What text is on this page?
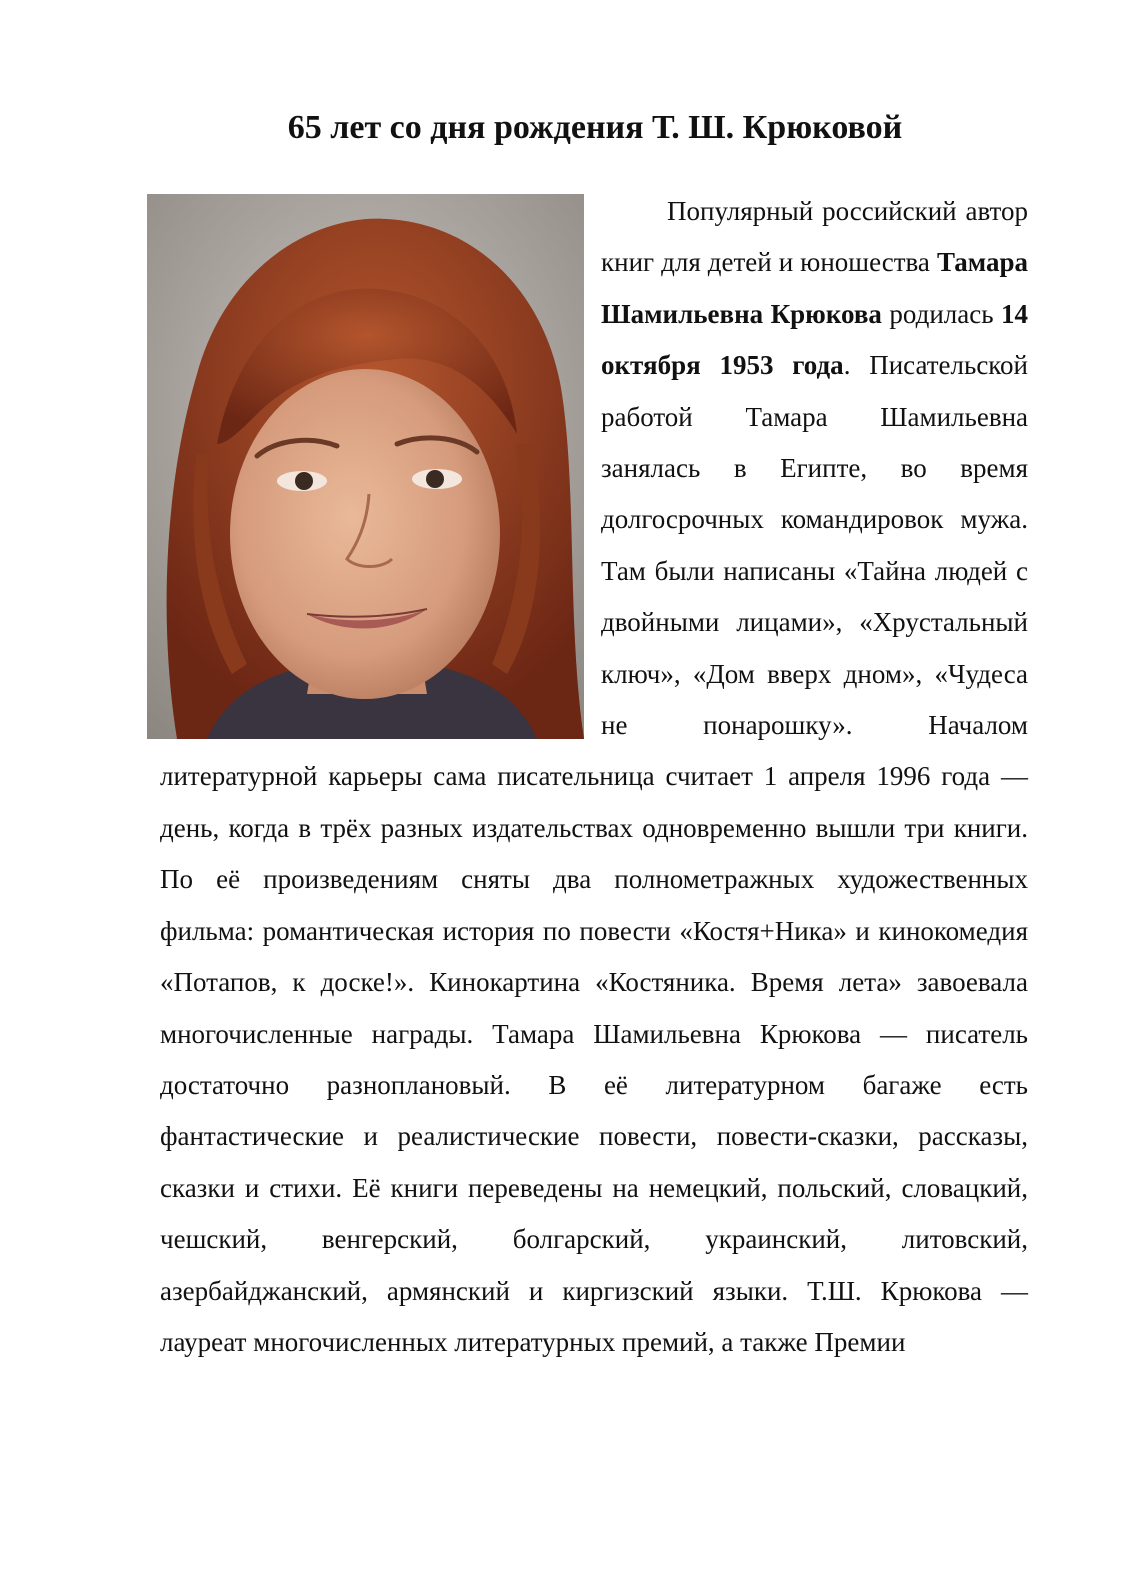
65 лет со дня рождения Т. Ш. Крюковой

Популярный российский автор книг для детей и юношества Тамара Шамильевна Крюкова родилась 14 октября 1953 года. Писательской работой Тамара Шамильевна занялась в Египте, во время долгосрочных командировок мужа. Там были написаны «Тайна людей с двойными лицами», «Хрустальный ключ», «Дом вверх дном», «Чудеса не понарошку». Началом литературной карьеры сама писательница считает 1 апреля 1996 года — день, когда в трёх разных издательствах одновременно вышли три книги. По её произведениям сняты два полнометражных художественных фильма: романтическая история по повести «Костя+Ника» и кинокомедия «Потапов, к доске!». Кинокартина «Костяника. Время лета» завоевала многочисленные награды. Тамара Шамильевна Крюкова — писатель достаточно разноплановый. В её литературном багаже есть фантастические и реалистические повести, повести-сказки, рассказы, сказки и стихи. Её книги переведены на немецкий, польский, словацкий, чешский, венгерский, болгарский, украинский, литовский, азербайджанский, армянский и киргизский языки. Т.Ш. Крюкова — лауреат многочисленных литературных премий, а также Премии
